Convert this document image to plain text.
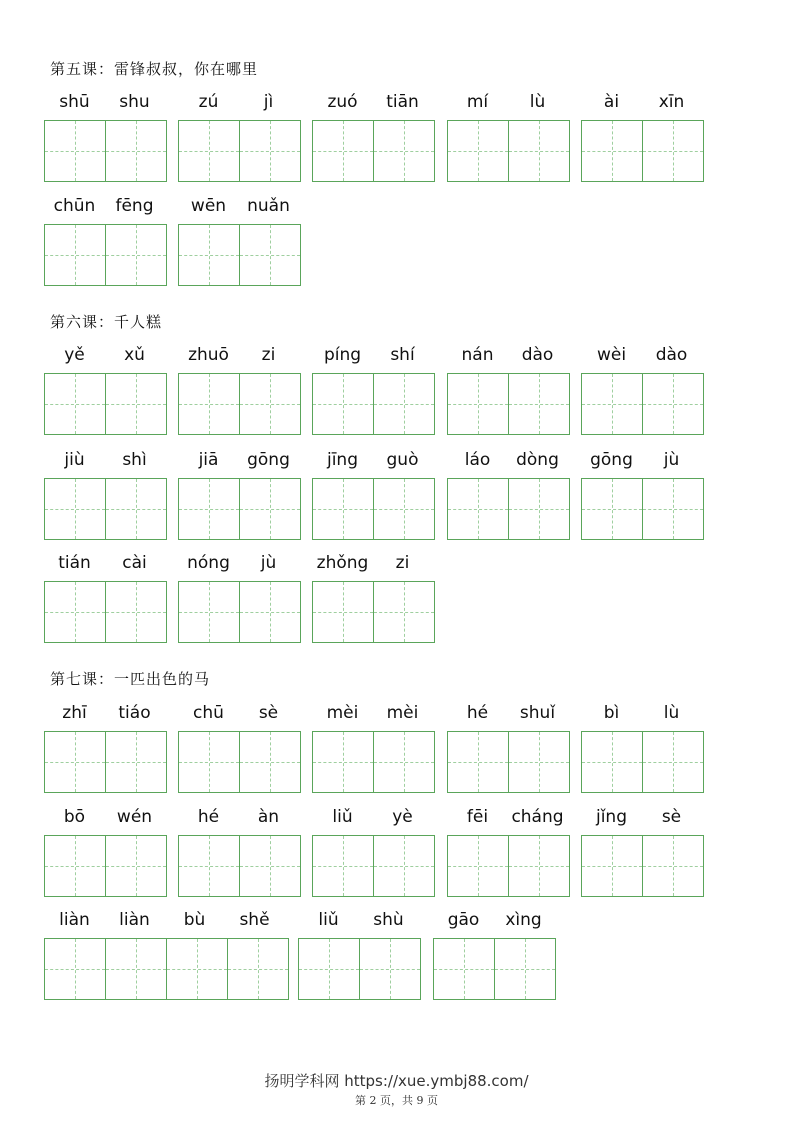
第五课：雷锋叔叔，你在哪里
shū	shu	zú	jì	zuó	tiān	mí	lù	ài	xīn
chūn	fēng	wēn	nuǎn
第六课：千人糕
yě	xǔ	zhuō	zi	píng	shí	nán	dào	wèi	dào
jiù	shì	jiā	gōng	jīng	guò	láo	dòng	gōng	jù
tián	cài	nóng	jù	zhǒng	zi
第七课：一匹出色的马
zhī	tiáo	chū	sè	mèi	mèi	hé	shuǐ	bì	lù
bō	wén	hé	àn	liǔ	yè	fēi	cháng	jǐng	sè
liàn	liàn	bù	shě	liǔ	shù	gāo	xìng
扬明学科网 https://xue.ymbj88.com/
第 2 页，共 9 页
